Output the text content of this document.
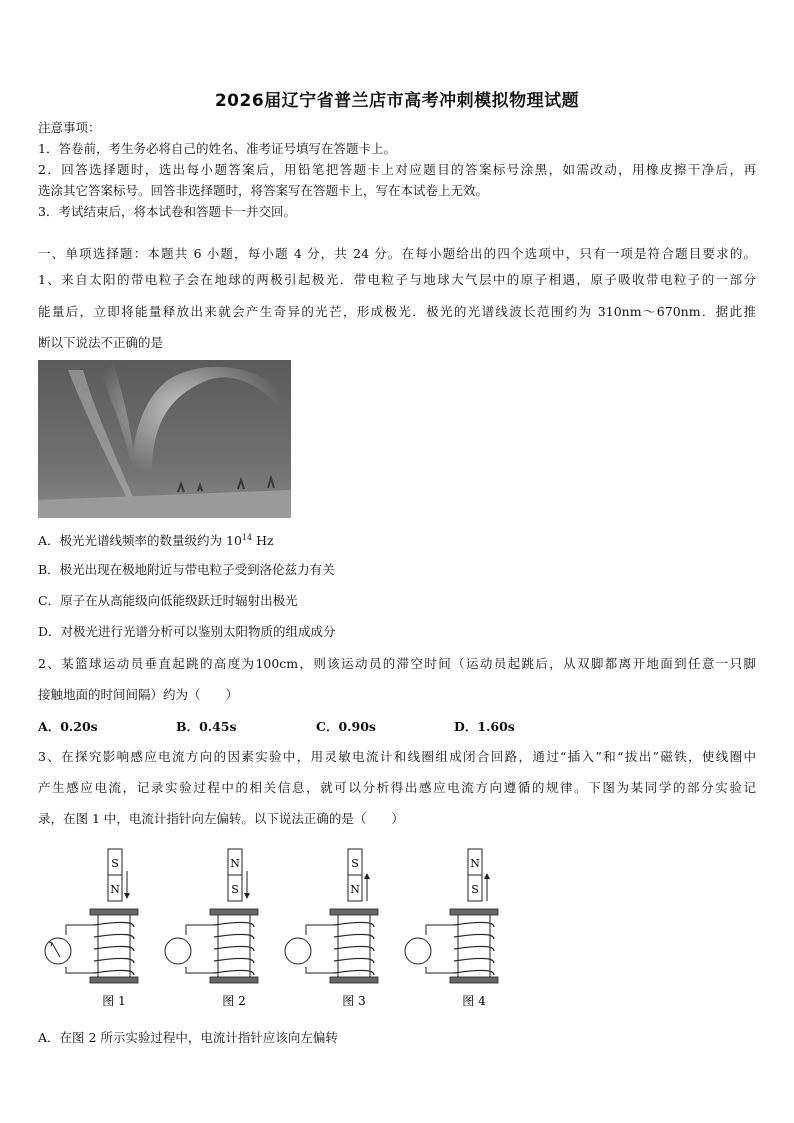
2026届辽宁省普兰店市高考冲刺模拟物理试题
注意事项：
1．答卷前，考生务必将自己的姓名、准考证号填写在答题卡上。
2．回答选择题时，选出每小题答案后，用铅笔把答题卡上对应题目的答案标号涂黑，如需改动，用橡皮擦干净后，再
选涂其它答案标号。回答非选择题时，将答案写在答题卡上，写在本试卷上无效。
3．考试结束后，将本试卷和答题卡一并交回。
一、单项选择题：本题共 6 小题，每小题 4 分，共 24 分。在每小题给出的四个选项中，只有一项是符合题目要求的。
1、来自太阳的带电粒子会在地球的两极引起极光．带电粒子与地球大气层中的原子相遇，原子吸收带电粒子的一部分
能量后，立即将能量释放出来就会产生奇异的光芒，形成极光．极光的光谱线波长范围约为 310nm～670nm．据此推
断以下说法不正确的是
A．极光光谱线频率的数量级约为 $10^{14}$ Hz
B．极光出现在极地附近与带电粒子受到洛伦兹力有关
C．原子在从高能级向低能级跃迁时辐射出极光
D．对极光进行光谱分析可以鉴别太阳物质的组成成分
2、某篮球运动员垂直起跳的高度为100cm，则该运动员的滞空时间（运动员起跳后，从双脚都离开地面到任意一只脚
接触地面的时间间隔）约为（　　）
A．0.20s	B．0.45s	C．0.90s	D．1.60s
3、在探究影响感应电流方向的因素实验中，用灵敏电流计和线圈组成闭合回路，通过“插入”和“拔出”磁铁，使线圈中
产生感应电流，记录实验过程中的相关信息，就可以分析得出感应电流方向遵循的规律。下图为某同学的部分实验记
录，在图 1 中，电流计指针向左偏转。以下说法正确的是（　　）
S
N
图 1
N
S
图 2
S
N
图 3
N
S
图 4
A．在图 2 所示实验过程中，电流计指针应该向左偏转
